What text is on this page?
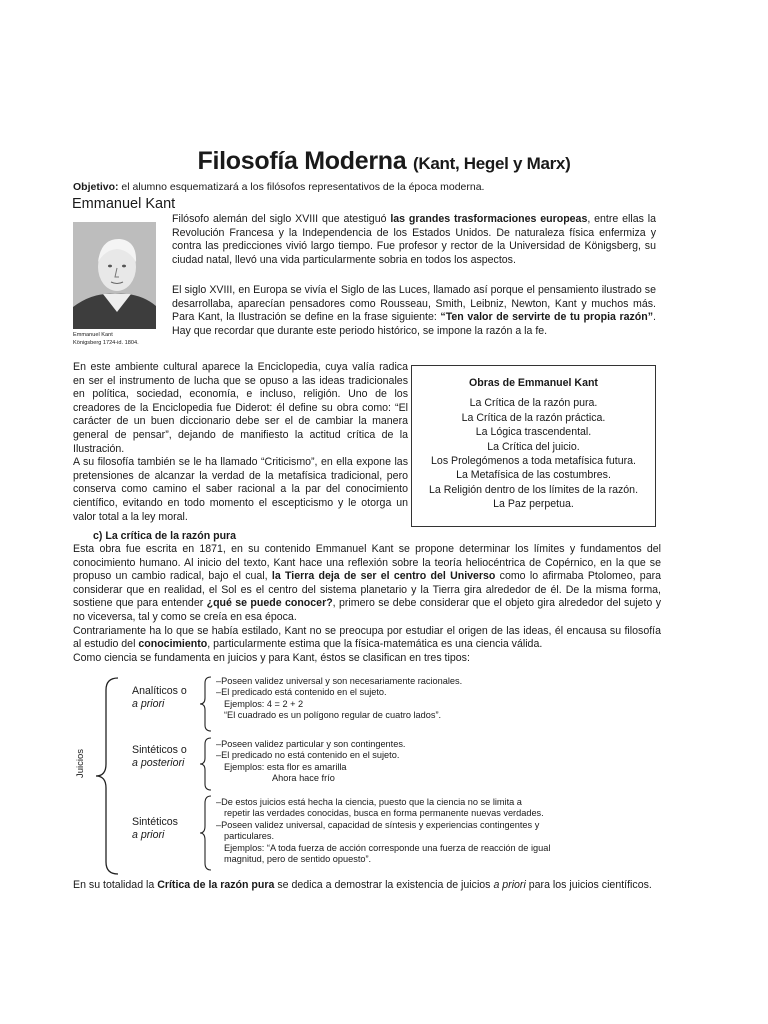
Filosofía Moderna (Kant, Hegel y Marx)
Objetivo: el alumno esquematizará a los filósofos representativos de la época moderna.
Emmanuel Kant
Emmanuel Kant
Königsberg 1724-id. 1804.
Filósofo alemán del siglo XVIII que atestiguó las grandes trasformaciones europeas, entre ellas la Revolución Francesa y la Independencia de los Estados Unidos. De naturaleza física enfermiza y contra las predicciones vivió largo tiempo. Fue profesor y rector de la Universidad de Königsberg, su ciudad natal, llevó una vida particularmente sobria en todos los aspectos.
El siglo XVIII, en Europa se vivía el Siglo de las Luces, llamado así porque el pensamiento ilustrado se desarrollaba, aparecían pensadores como Rousseau, Smith, Leibniz, Newton, Kant y muchos más. Para Kant, la Ilustración se define en la frase siguiente: “Ten valor de servirte de tu propia razón”. Hay que recordar que durante este periodo histórico, se impone la razón a la fe.
En este ambiente cultural aparece la Enciclopedia, cuya valía radica en ser el instrumento de lucha que se opuso a las ideas tradicionales en política, sociedad, economía, e incluso, religión. Uno de los creadores de la Enciclopedia fue Diderot: él define su obra como: “El carácter de un buen diccionario debe ser el de cambiar la manera general de pensar”, dejando de manifiesto la actitud crítica de la Ilustración.
A su filosofía también se le ha llamado “Criticismo”, en ella expone las pretensiones de alcanzar la verdad de la metafísica tradicional, pero conserva como camino el saber racional a la par del conocimiento científico, evitando en todo momento el escepticismo y le otorga un valor total a la ley moral.
Obras de Emmanuel Kant
La Crítica de la razón pura.
La Crítica de la razón práctica.
La Lógica trascendental.
La Crítica del juicio.
Los Prolegómenos a toda metafísica futura.
La Metafísica de las costumbres.
La Religión dentro de los límites de la razón.
La Paz perpetua.
c) La crítica de la razón pura
Esta obra fue escrita en 1871, en su contenido Emmanuel Kant se propone determinar los límites y fundamentos del conocimiento humano. Al inicio del texto, Kant hace una reflexión sobre la teoría heliocéntrica de Copérnico, en la que se propuso un cambio radical, bajo el cual, la Tierra deja de ser el centro del Universo como lo afirmaba Ptolomeo, para considerar que en realidad, el Sol es el centro del sistema planetario y la Tierra gira alrededor de él. De la misma forma, sostiene que para entender ¿qué se puede conocer?, primero se debe considerar que el objeto gira alrededor del sujeto y no viceversa, tal y como se creía en esa época.
Contrariamente ha lo que se había estilado, Kant no se preocupa por estudiar el origen de las ideas, él encausa su filosofía al estudio del conocimiento, particularmente estima que la física-matemática es una ciencia válida.
Como ciencia se fundamenta en juicios y para Kant, éstos se clasifican en tres tipos:
Juicios
Analíticos o
a priori
–Poseen validez universal y son necesariamente racionales.
–El predicado está contenido en el sujeto.
Ejemplos: 4 = 2 + 2
“El cuadrado es un polígono regular de cuatro lados”.
Sintéticos o
a posteriori
–Poseen validez particular y son contingentes.
–El predicado no está contenido en el sujeto.
Ejemplos: esta flor es amarilla
Ahora hace frío
Sintéticos
a priori
–De estos juicios está hecha la ciencia, puesto que la ciencia no se limita a
repetir las verdades conocidas, busca en forma permanente nuevas verdades.
–Poseen validez universal, capacidad de síntesis y experiencias contingentes y
particulares.
Ejemplos: “A toda fuerza de acción corresponde una fuerza de reacción de igual
magnitud, pero de sentido opuesto”.
En su totalidad la Crítica de la razón pura se dedica a demostrar la existencia de juicios a priori para los juicios científicos.
